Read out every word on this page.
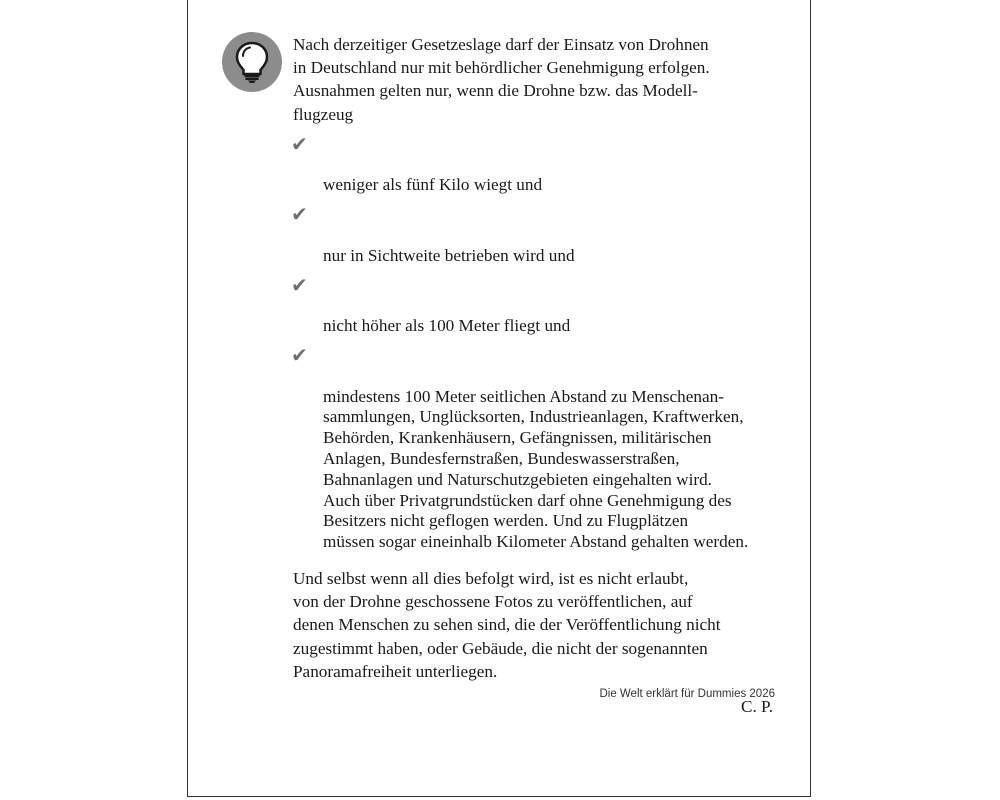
Nach derzeitiger Gesetzeslage darf der Einsatz von Drohnen
in Deutschland nur mit behördlicher Genehmigung erfolgen.
Ausnahmen gelten nur, wenn die Drohne bzw. das Modell-
flugzeug

✔

weniger als fünf Kilo wiegt und

✔

nur in Sichtweite betrieben wird und

✔

nicht höher als 100 Meter fliegt und

✔

mindestens 100 Meter seitlichen Abstand zu Menschenan-
sammlungen, Unglücksorten, Industrieanlagen, Kraftwerken,
Behörden, Krankenhäusern, Gefängnissen, militärischen
Anlagen, Bundesfernstraßen, Bundeswasserstraßen,
Bahnanlagen und Naturschutzgebieten eingehalten wird.
Auch über Privatgrundstücken darf ohne Genehmigung des
Besitzers nicht geflogen werden. Und zu Flugplätzen
müssen sogar eineinhalb Kilometer Abstand gehalten werden.

Und selbst wenn all dies befolgt wird, ist es nicht erlaubt,
von der Drohne geschossene Fotos zu veröffentlichen, auf
denen Menschen zu sehen sind, die der Veröffentlichung nicht
zugestimmt haben, oder Gebäude, die nicht der sogenannten
Panoramafreiheit unterliegen.

C. P.

Die Welt erklärt für Dummies 2026
